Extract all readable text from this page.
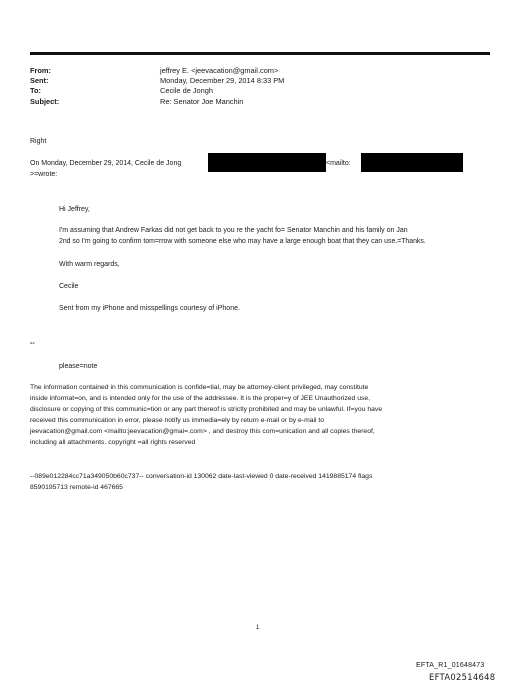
From:	jeffrey E. <jeevacation@gmail.com>
Sent:	Monday, December 29, 2014 8:33 PM
To:	Cecile de Jongh
Subject:	Re: Senator Joe Manchin
Right
On Monday, December 29, 2014, Cecile de Jong	<mailto:
>=wrote:
Hi Jeffrey,
I'm assuming that Andrew Farkas did not get back to you re the yacht fo= Senator Manchin and his family on Jan
2nd so I'm going to confirm tom=rrow with someone else who may have a large enough boat that they can use.=Thanks.
With warm regards,
Cecile
Sent from my iPhone and misspellings courtesy of iPhone.
--
please=note
The information contained in this communication is confide=tial, may be attorney-client privileged, may constitute
inside informat=on, and is intended only for the use of the addressee. It is the proper=y of JEE Unauthorized use,
disclosure or copying of this communic=tion or any part thereof is strictly prohibited and may be unlawful. If=you have
received this communication in error, please notify us immedia=ely by return e-mail or by e-mail to
jeevacation@gmail.com <mailto:jeevacation@gmai=.com> , and destroy this com=unication and all copies thereof,
including all attachments. copyright =all rights reserved
--089e012284cc71a349050b60c737-- conversation-id 130062 date-last-viewed 0 date-received 1419885174 flags
8590195713 remote-id 467665
1
EFTA_R1_01648473
EFTA02514648
